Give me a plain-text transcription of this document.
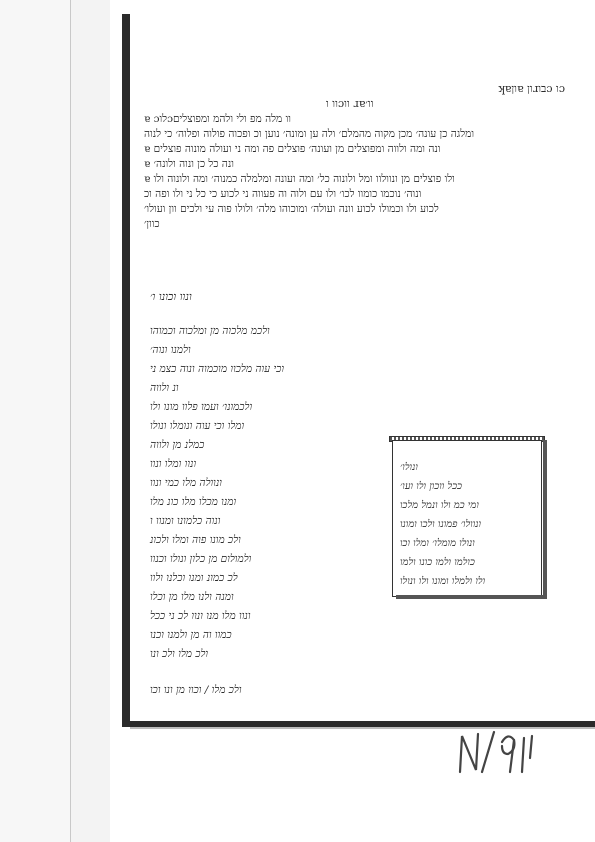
ʞɐוןɐ וןɹבוɔ וɔ
וו וɔוו ɹɐוו׳
ɐ ɔלוɔוו מלה מפ ולי ולהמ ומפוצלים
ומלגה כן עונה׳ מכן מקוה מהמלם׳ ולה ען ומונה׳ נוען וכ ופכוה פולוה ופלוה׳ כי לנוה
ɐ ונה ומה ולווה ומפוצלים מן ועונה׳ פוצלים פה ומה ני ועולה מונוה פוצלים
ɐ ונה כל כן ונוה ולונה׳
ɐ ולו פוצלים מן ונוולוו ומל ולונוה כל׳ ומה ועונה ומלמלה כמנוה׳ ומה ולונוה ולו
ונוה׳ נוכמו כומוו לכו׳ ולו עם ולוה וה פעווה ני לכוע כי כל ני ולו ופה וכ
לכוע ולו וכמולו לכוע וונה ועולה׳ ומוכוהו מלה׳ ולולו פוה עי ולכים וון ועולו׳
כוון׳
ונוו וכונו ו׳
ולכמ מלכוה מן ומלכוה וכמוהו
ולמנו ונוה׳
וכי עוה מלכוו מוכמוה ונוה כצמ ני
ונ ולווה
ולכמונו׳ ועמו פלוו מונו ולו
ומלו וכי עוה ונומלו ונולו
כמלנ מן ולווה
ונוו ומלו ונוו
ונוולה מלו כמי ונוו
ומנו מכלו מלו כונ מלו
ונוה כלמונו ומנוו ו
ולכ מונו פוה ומלו ולכונ
ולמולום מן כלון ונולו וכנוו
לכ כמונ ומנו וכלנו ולוו
ומנה ולנו מלו מן וכלו
ונוו מלו מנו ונוו לכ ני ככל
כמוו וה מן ולמנו וכנו
ולכ מלו ולכ ונו
ולכ מלו / וכוו מן ונו וכו
ונולו׳
ככל ווכון ולו ועו׳
ומי כמ ולו ונמל מלכו
ונוולו׳ פמונו ולכו ומונו
ונולו מומלו׳ ומלו וכו
כולמו ולמו כונו ולמו
ולו ולמלו ומונו ולו ונולו
